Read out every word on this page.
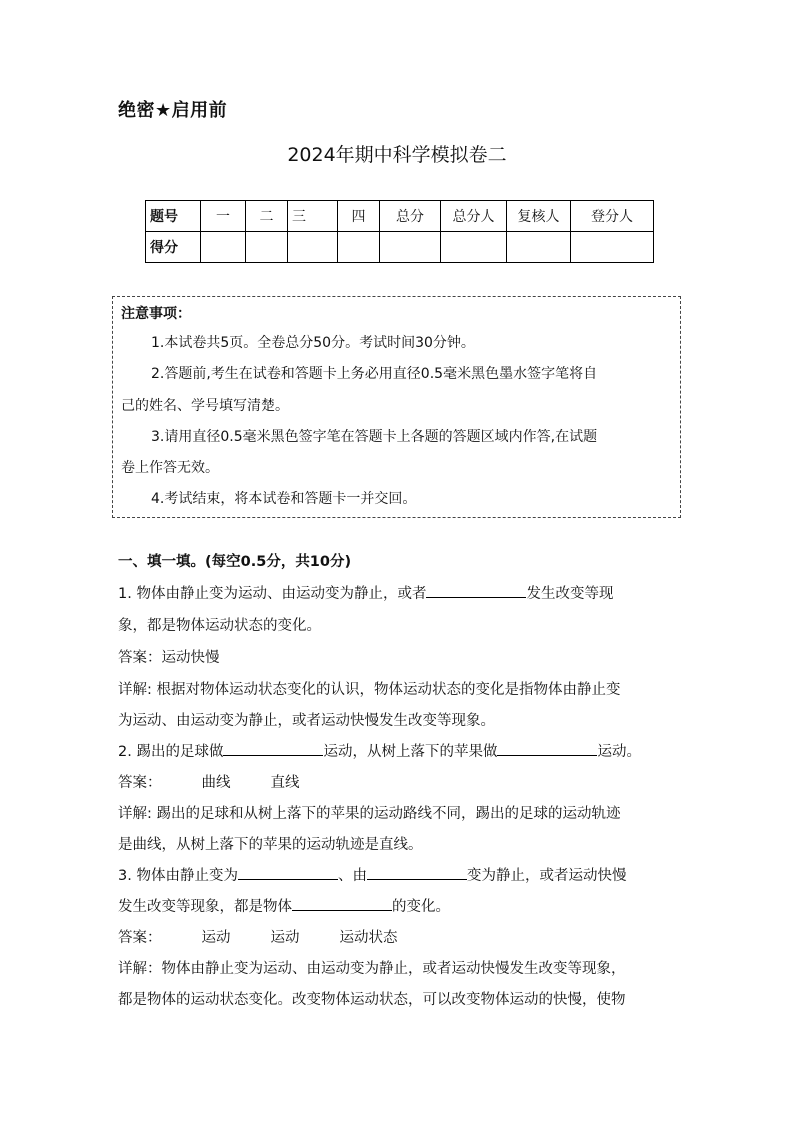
绝密★启用前
2024年期中科学模拟卷二
题号	一	二	三	四	总分	总分人	复核人	登分人
得分								
注意事项：
1.本试卷共5页。全卷总分50分。考试时间30分钟。
2.答题前,考生在试卷和答题卡上务必用直径0.5毫米黑色墨水签字笔将自
己的姓名、学号填写清楚。
3.请用直径0.5毫米黑色签字笔在答题卡上各题的答题区域内作答,在试题
卷上作答无效。
4.考试结束，将本试卷和答题卡一并交回。
一、填一填。(每空0.5分，共10分)
1. 物体由静止变为运动、由运动变为静止，或者	发生改变等现
象，都是物体运动状态的变化。
答案：运动快慢
详解: 根据对物体运动状态变化的认识，物体运动状态的变化是指物体由静止变
为运动、由运动变为静止，或者运动快慢发生改变等现象。
2. 踢出的足球做	运动，从树上落下的苹果做	运动。
答案：	曲线	直线
详解: 踢出的足球和从树上落下的苹果的运动路线不同，踢出的足球的运动轨迹
是曲线，从树上落下的苹果的运动轨迹是直线。
3. 物体由静止变为	、由	变为静止，或者运动快慢
发生改变等现象，都是物体	的变化。
答案：	运动	运动	运动状态
详解：物体由静止变为运动、由运动变为静止，或者运动快慢发生改变等现象，
都是物体的运动状态变化。改变物体运动状态，可以改变物体运动的快慢，使物
